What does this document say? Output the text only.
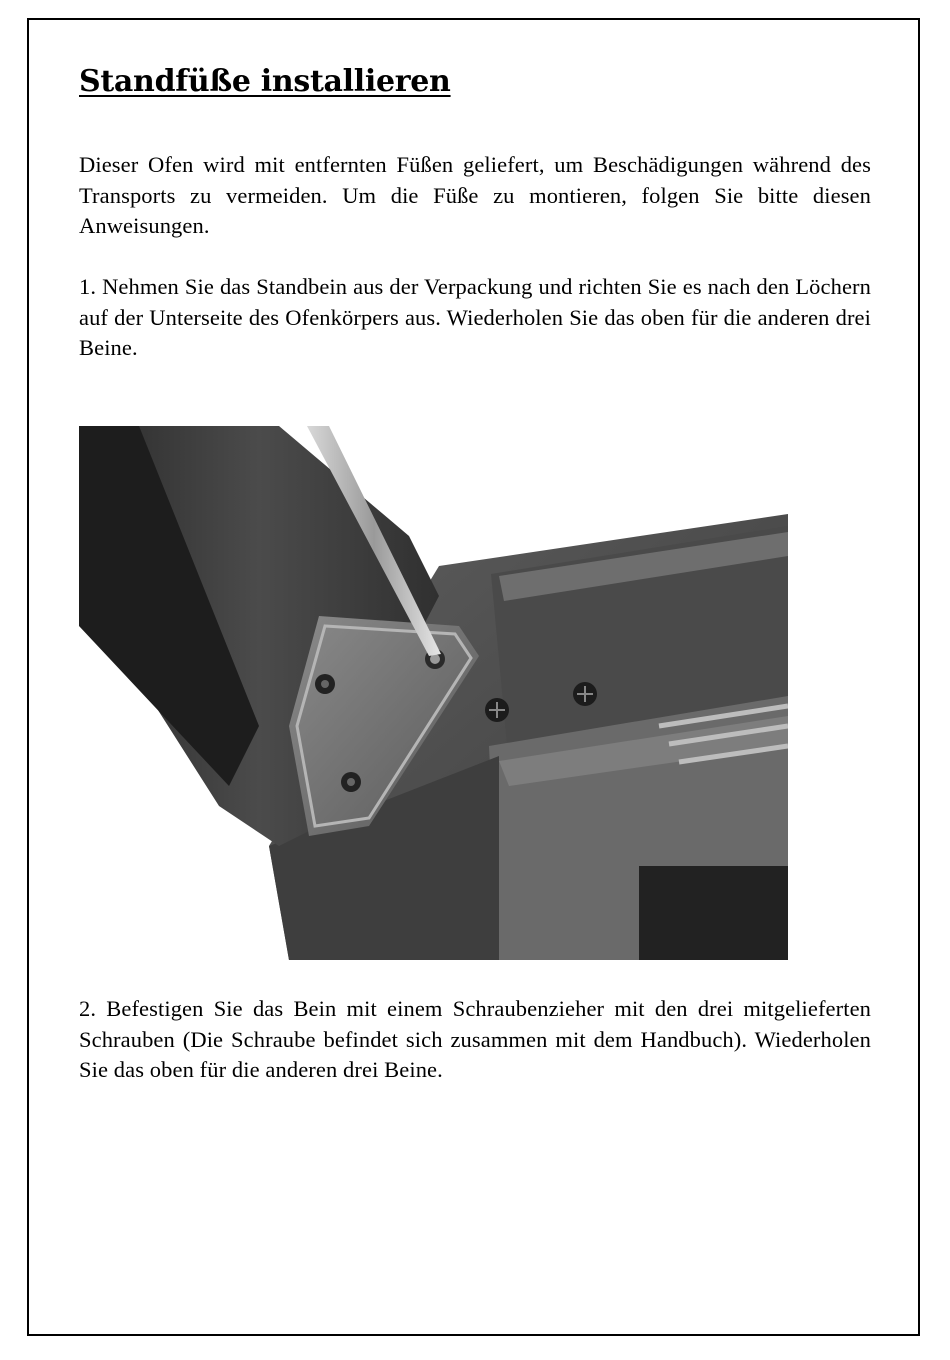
Standfüße installieren

Dieser Ofen wird mit entfernten Füßen geliefert, um Beschädigungen während des Transports zu vermeiden. Um die Füße zu montieren, folgen Sie bitte diesen Anweisungen.

1. Nehmen Sie das Standbein aus der Verpackung und richten Sie es nach den Löchern auf der Unterseite des Ofenkörpers aus. Wiederholen Sie das oben für die anderen drei Beine.

2. Befestigen Sie das Bein mit einem Schraubenzieher mit den drei mitgelieferten Schrauben (Die Schraube befindet sich zusammen mit dem Handbuch). Wiederholen Sie das oben für die anderen drei Beine.
